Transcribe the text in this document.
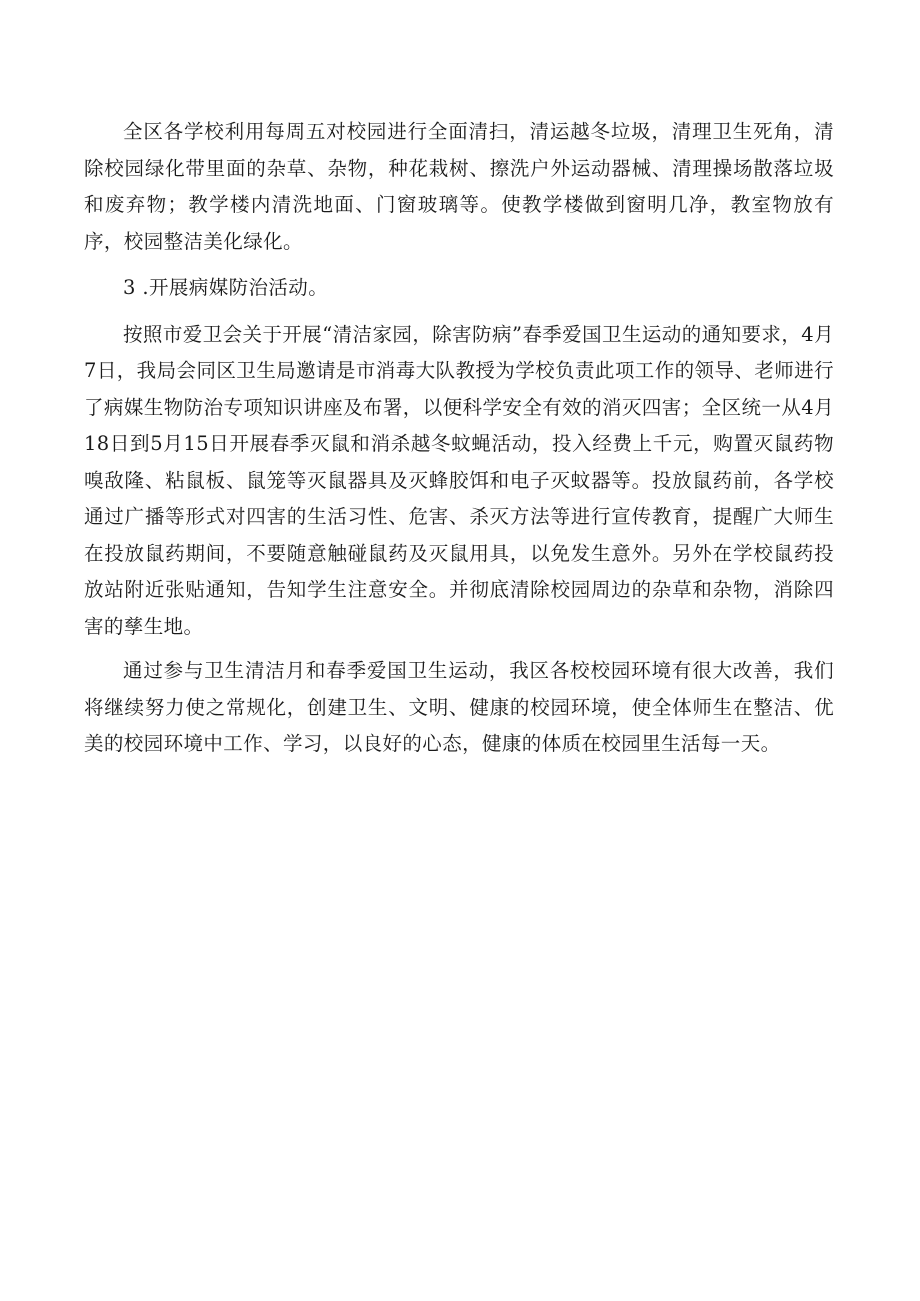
全区各学校利用每周五对校园进行全面清扫，清运越冬垃圾，清理卫生死角，清除校园绿化带里面的杂草、杂物，种花栽树、擦洗户外运动器械、清理操场散落垃圾和废弃物；教学楼内清洗地面、门窗玻璃等。使教学楼做到窗明几净，教室物放有序，校园整洁美化绿化。

3 .开展病媒防治活动。

按照市爱卫会关于开展“清洁家园，除害防病”春季爱国卫生运动的通知要求，4月7日，我局会同区卫生局邀请是市消毒大队教授为学校负责此项工作的领导、老师进行了病媒生物防治专项知识讲座及布署，以便科学安全有效的消灭四害；全区统一从4月18日到5月15日开展春季灭鼠和消杀越冬蚊蝇活动，投入经费上千元，购置灭鼠药物嗅敌隆、粘鼠板、鼠笼等灭鼠器具及灭蜂胶饵和电子灭蚊器等。投放鼠药前，各学校通过广播等形式对四害的生活习性、危害、杀灭方法等进行宣传教育，提醒广大师生在投放鼠药期间，不要随意触碰鼠药及灭鼠用具，以免发生意外。另外在学校鼠药投放站附近张贴通知，告知学生注意安全。并彻底清除校园周边的杂草和杂物，消除四害的孳生地。

通过参与卫生清洁月和春季爱国卫生运动，我区各校校园环境有很大改善，我们将继续努力使之常规化，创建卫生、文明、健康的校园环境，使全体师生在整洁、优美的校园环境中工作、学习，以良好的心态，健康的体质在校园里生活每一天。
